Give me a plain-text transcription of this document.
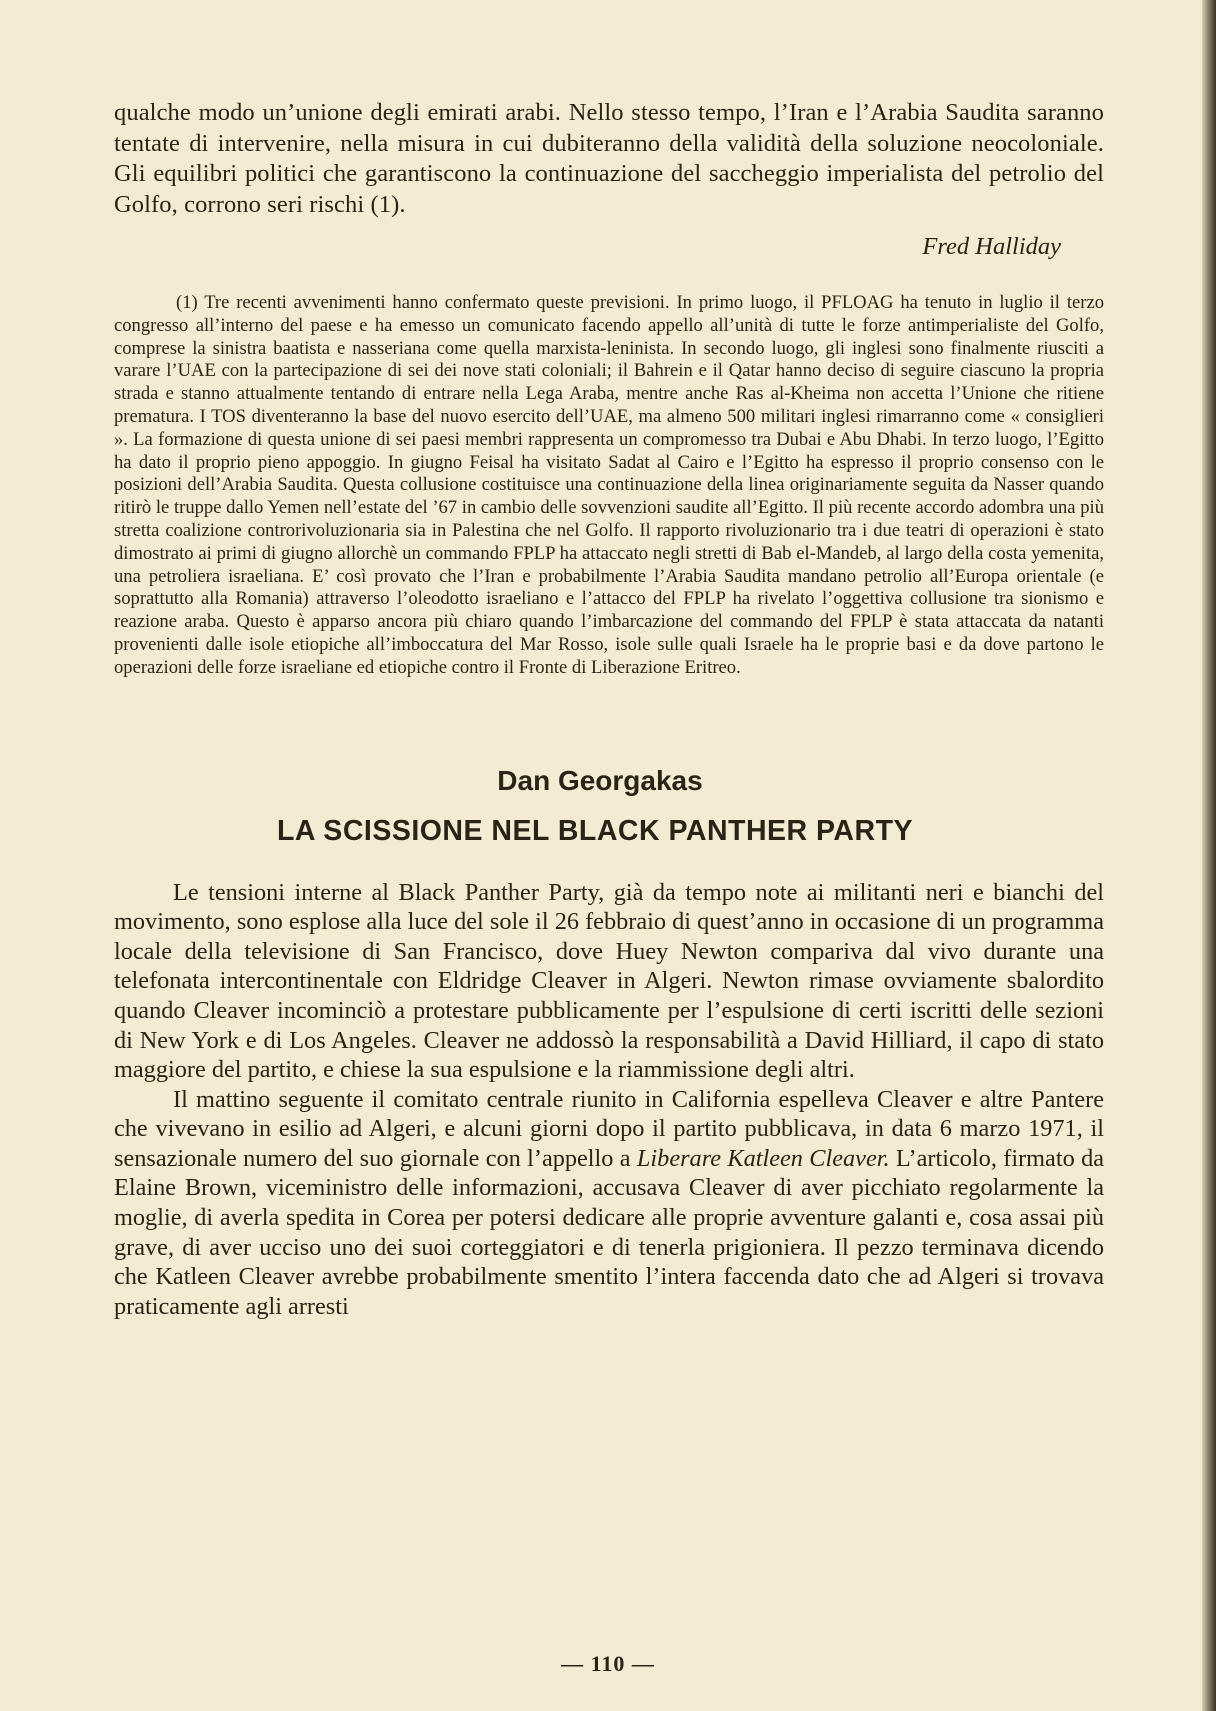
qualche modo un’unione degli emirati arabi. Nello stesso tempo, l’Iran e l’Arabia Saudita saranno tentate di intervenire, nella misura in cui dubiteranno della validità della soluzione neocoloniale. Gli equilibri politici che garantiscono la continuazione del saccheggio imperialista del petrolio del Golfo, corrono seri rischi (1).

Fred Halliday

(1) Tre recenti avvenimenti hanno confermato queste previsioni. In primo luogo, il PFLOAG ha tenuto in luglio il terzo congresso all’interno del paese e ha emesso un comunicato facendo appello all’unità di tutte le forze antimperialiste del Golfo, comprese la sinistra baatista e nasseriana come quella marxista-leninista. In secondo luogo, gli inglesi sono finalmente riusciti a varare l’UAE con la partecipazione di sei dei nove stati coloniali; il Bahrein e il Qatar hanno deciso di seguire ciascuno la propria strada e stanno attualmente tentando di entrare nella Lega Araba, mentre anche Ras al-Kheima non accetta l’Unione che ritiene prematura. I TOS diventeranno la base del nuovo esercito dell’UAE, ma almeno 500 militari inglesi rimarranno come « consiglieri ». La formazione di questa unione di sei paesi membri rappresenta un compromesso tra Dubai e Abu Dhabi. In terzo luogo, l’Egitto ha dato il proprio pieno appoggio. In giugno Feisal ha visitato Sadat al Cairo e l’Egitto ha espresso il proprio consenso con le posizioni dell’Arabia Saudita. Questa collusione costituisce una continuazione della linea originariamente seguita da Nasser quando ritirò le truppe dallo Yemen nell’estate del ’67 in cambio delle sovvenzioni saudite all’Egitto. Il più recente accordo adombra una più stretta coalizione controrivoluzionaria sia in Palestina che nel Golfo. Il rapporto rivoluzionario tra i due teatri di operazioni è stato dimostrato ai primi di giugno allorchè un commando FPLP ha attaccato negli stretti di Bab el-Mandeb, al largo della costa yemenita, una petroliera israeliana. E’ così provato che l’Iran e probabilmente l’Arabia Saudita mandano petrolio all’Europa orientale (e soprattutto alla Romania) attraverso l’oleodotto israeliano e l’attacco del FPLP ha rivelato l’oggettiva collusione tra sionismo e reazione araba. Questo è apparso ancora più chiaro quando l’imbarcazione del commando del FPLP è stata attaccata da natanti provenienti dalle isole etiopiche all’imboccatura del Mar Rosso, isole sulle quali Israele ha le proprie basi e da dove partono le operazioni delle forze israeliane ed etiopiche contro il Fronte di Liberazione Eritreo.

Dan Georgakas
LA SCISSIONE NEL BLACK PANTHER PARTY

Le tensioni interne al Black Panther Party, già da tempo note ai militanti neri e bianchi del movimento, sono esplose alla luce del sole il 26 febbraio di quest’anno in occasione di un programma locale della televisione di San Francisco, dove Huey Newton compariva dal vivo durante una telefonata intercontinentale con Eldridge Cleaver in Algeri. Newton rimase ovviamente sbalordito quando Cleaver incominciò a protestare pubblicamente per l’espulsione di certi iscritti delle sezioni di New York e di Los Angeles. Cleaver ne addossò la responsabilità a David Hilliard, il capo di stato maggiore del partito, e chiese la sua espulsione e la riammissione degli altri.

Il mattino seguente il comitato centrale riunito in California espelleva Cleaver e altre Pantere che vivevano in esilio ad Algeri, e alcuni giorni dopo il partito pubblicava, in data 6 marzo 1971, il sensazionale numero del suo giornale con l’appello a Liberare Katleen Cleaver. L’articolo, firmato da Elaine Brown, viceministro delle informazioni, accusava Cleaver di aver picchiato regolarmente la moglie, di averla spedita in Corea per potersi dedicare alle proprie avventure galanti e, cosa assai più grave, di aver ucciso uno dei suoi corteggiatori e di tenerla prigioniera. Il pezzo terminava dicendo che Katleen Cleaver avrebbe probabilmente smentito l’intera faccenda dato che ad Algeri si trovava praticamente agli arresti

— 110 —
